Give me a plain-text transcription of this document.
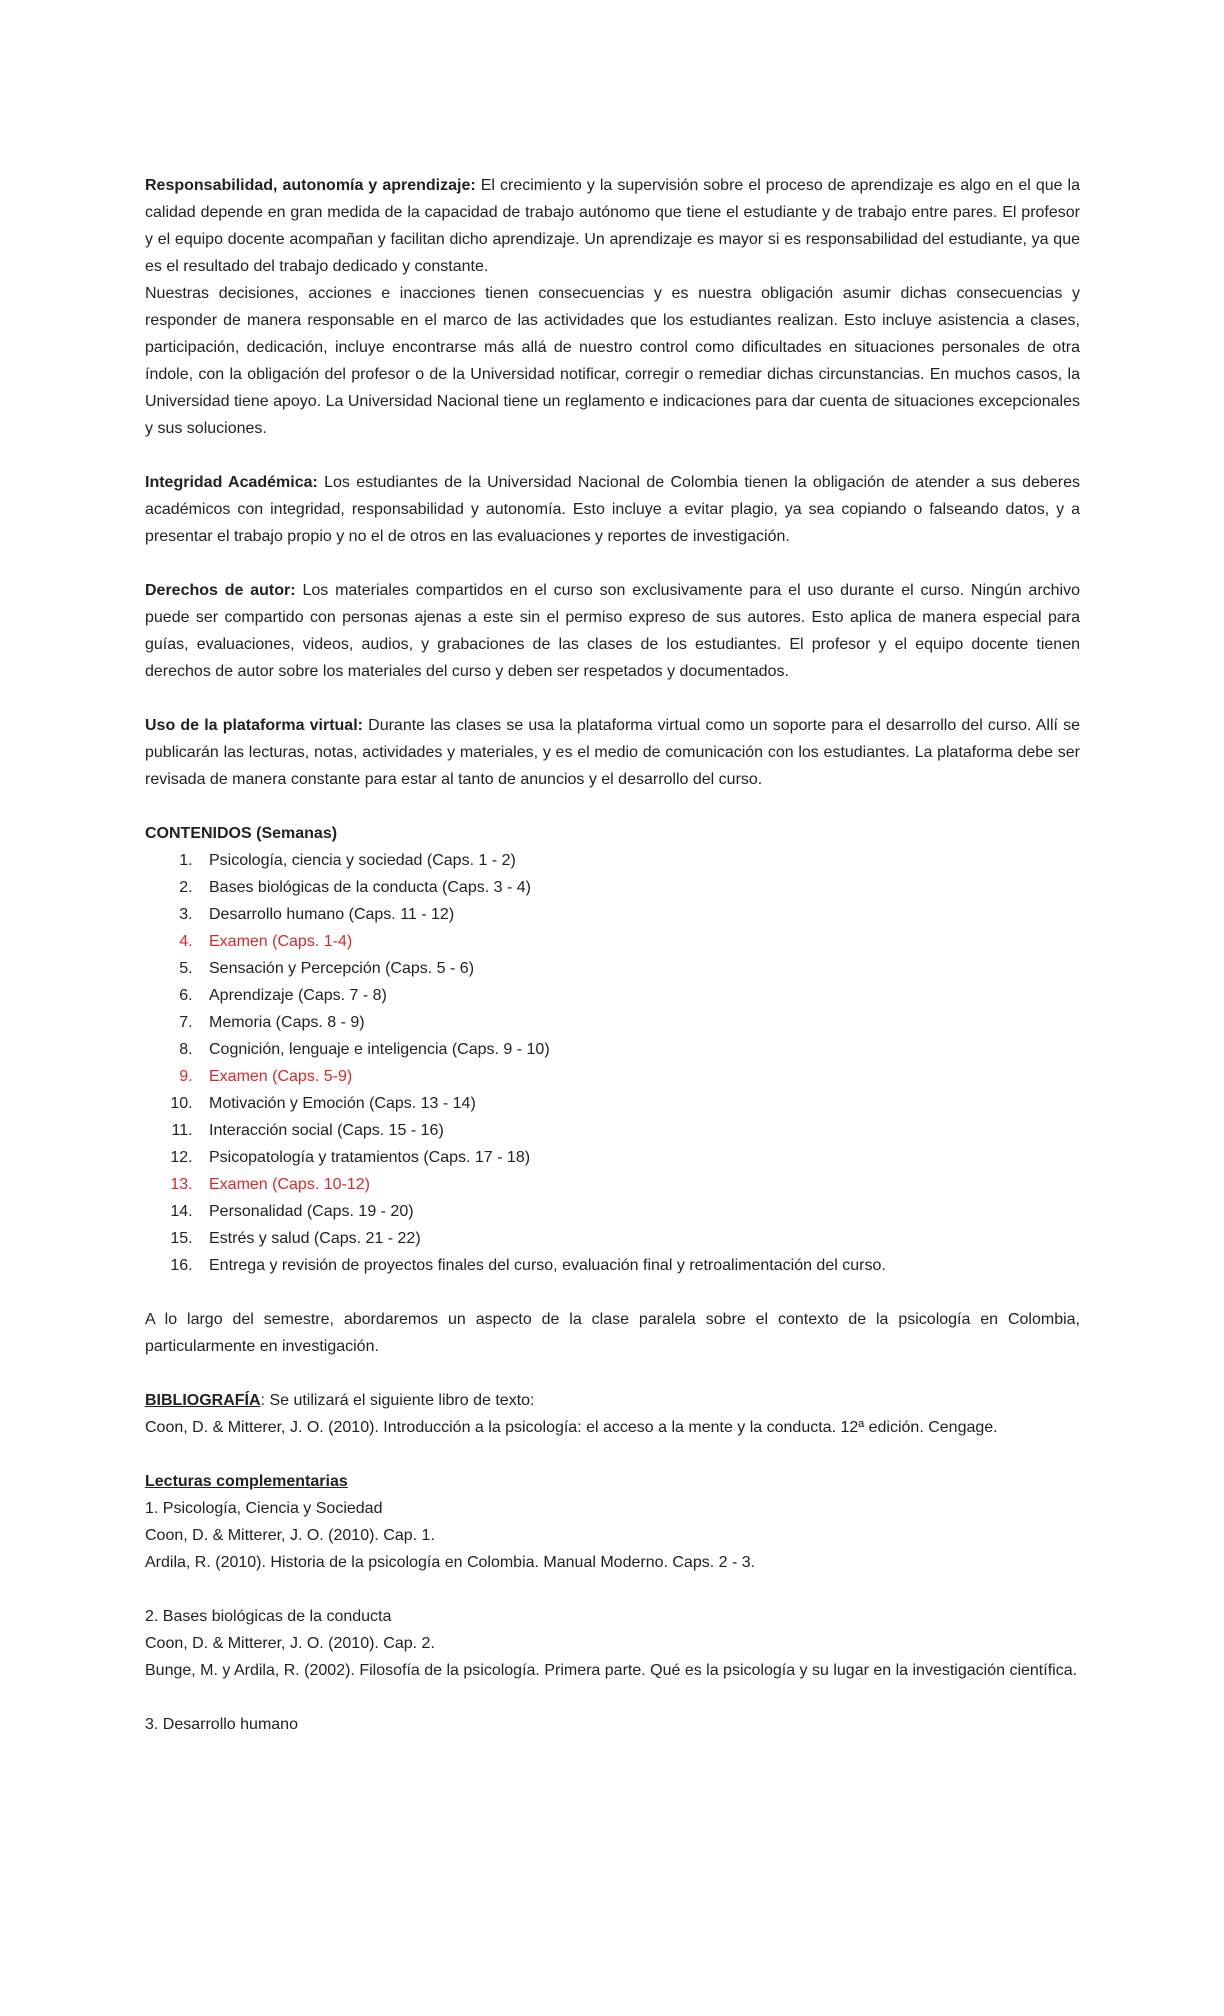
Responsabilidad, autonomía y aprendizaje: El crecimiento y la supervisión sobre el proceso de aprendizaje es algo en el que la calidad depende en gran medida de la capacidad de trabajo autónomo que tiene el estudiante y de trabajo entre pares. El profesor y el equipo docente acompañan y facilitan dicho aprendizaje. Un aprendizaje es mayor si es responsabilidad del estudiante, ya que es el resultado del trabajo dedicado y constante.

Nuestras decisiones, acciones e inacciones tienen consecuencias y es nuestra obligación asumir dichas consecuencias y responder de manera responsable en el marco de las actividades que los estudiantes realizan. Esto incluye asistencia a clases, participación, dedicación, incluye encontrarse más allá de nuestro control como dificultades en situaciones personales de otra índole, con la obligación del profesor o de la Universidad notificar, corregir o remediar dichas circunstancias. En muchos casos, la Universidad tiene apoyo. La Universidad Nacional tiene un reglamento e indicaciones para dar cuenta de situaciones excepcionales y sus soluciones.

Integridad Académica: Los estudiantes de la Universidad Nacional de Colombia tienen la obligación de atender a sus deberes académicos con integridad, responsabilidad y autonomía. Esto incluye a evitar plagio, ya sea copiando o falseando datos, y a presentar el trabajo propio y no el de otros en las evaluaciones y reportes de investigación.

Derechos de autor: Los materiales compartidos en el curso son exclusivamente para el uso durante el curso. Ningún archivo puede ser compartido con personas ajenas a este sin el permiso expreso de sus autores. Esto aplica de manera especial para guías, evaluaciones, videos, audios, y grabaciones de las clases de los estudiantes. El profesor y el equipo docente tienen derechos de autor sobre los materiales del curso y deben ser respetados y documentados.

Uso de la plataforma virtual: Durante las clases se usa la plataforma virtual como un soporte para el desarrollo del curso. Allí se publicarán las lecturas, notas, actividades y materiales, y es el medio de comunicación con los estudiantes. La plataforma debe ser revisada de manera constante para estar al tanto de anuncios y el desarrollo del curso.

CONTENIDOS (Semanas)

1. Psicología, ciencia y sociedad (Caps. 1 - 2)
2. Bases biológicas de la conducta (Caps. 3 - 4)
3. Desarrollo humano (Caps. 11 - 12)
4. Examen (Caps. 1-4)
5. Sensación y Percepción (Caps. 5 - 6)
6. Aprendizaje (Caps. 7 - 8)
7. Memoria (Caps. 8 - 9)
8. Cognición, lenguaje e inteligencia (Caps. 9 - 10)
9. Examen (Caps. 5-9)
10. Motivación y Emoción (Caps. 13 - 14)
11. Interacción social (Caps. 15 - 16)
12. Psicopatología y tratamientos (Caps. 17 - 18)
13. Examen (Caps. 10-12)
14. Personalidad (Caps. 19 - 20)
15. Estrés y salud (Caps. 21 - 22)
16. Entrega y revisión de proyectos finales del curso, evaluación final y retroalimentación del curso.

A lo largo del semestre, abordaremos un aspecto de la clase paralela sobre el contexto de la psicología en Colombia, particularmente en investigación.

BIBLIOGRAFÍA: Se utilizará el siguiente libro de texto:

Coon, D. & Mitterer, J. O. (2010). Introducción a la psicología: el acceso a la mente y la conducta. 12ª edición. Cengage.

Lecturas complementarias

1. Psicología, Ciencia y Sociedad

Coon, D. & Mitterer, J. O. (2010). Cap. 1.

Ardila, R. (2010). Historia de la psicología en Colombia. Manual Moderno. Caps. 2 - 3.

2. Bases biológicas de la conducta

Coon, D. & Mitterer, J. O. (2010). Cap. 2.

Bunge, M. y Ardila, R. (2002). Filosofía de la psicología. Primera parte. Qué es la psicología y su lugar en la investigación científica.

3. Desarrollo humano
